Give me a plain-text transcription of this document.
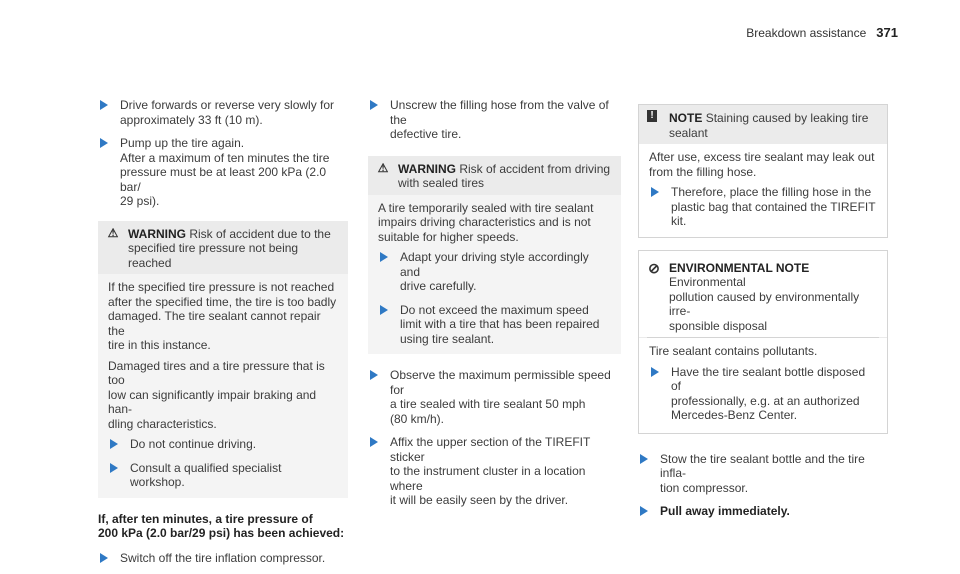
Breakdown assistance 371
Drive forwards or reverse very slowly for
approximately 33 ft (10 m).
Pump up the tire again.
After a maximum of ten minutes the tire
pressure must be at least 200 kPa (2.0 bar/
29 psi).
⚠ WARNING Risk of accident due to the
specified tire pressure not being reached

If the specified tire pressure is not reached
after the specified time, the tire is too badly
damaged. The tire sealant cannot repair the
tire in this instance.

Damaged tires and a tire pressure that is too
low can significantly impair braking and han-
dling characteristics.

Do not continue driving.
Consult a qualified specialist workshop.
If, after ten minutes, a tire pressure of
200 kPa (2.0 bar/29 psi) has been achieved:
Switch off the tire inflation compressor.
Unscrew the filling hose from the valve of the
defective tire.
⚠ WARNING Risk of accident from driving
with sealed tires

A tire temporarily sealed with tire sealant
impairs driving characteristics and is not
suitable for higher speeds.

Adapt your driving style accordingly and
drive carefully.
Do not exceed the maximum speed
limit with a tire that has been repaired
using tire sealant.
Observe the maximum permissible speed for
a tire sealed with tire sealant 50 mph
(80 km/h).
Affix the upper section of the TIREFIT sticker
to the instrument cluster in a location where
it will be easily seen by the driver.
! NOTE Staining caused by leaking tire
sealant

After use, excess tire sealant may leak out
from the filling hose.

Therefore, place the filling hose in the
plastic bag that contained the TIREFIT
kit.
⊘ ENVIRONMENTAL NOTE Environmental
pollution caused by environmentally irre-
sponsible disposal

Tire sealant contains pollutants.

Have the tire sealant bottle disposed of
professionally, e.g. at an authorized
Mercedes-Benz Center.
Stow the tire sealant bottle and the tire infla-
tion compressor.
Pull away immediately.
